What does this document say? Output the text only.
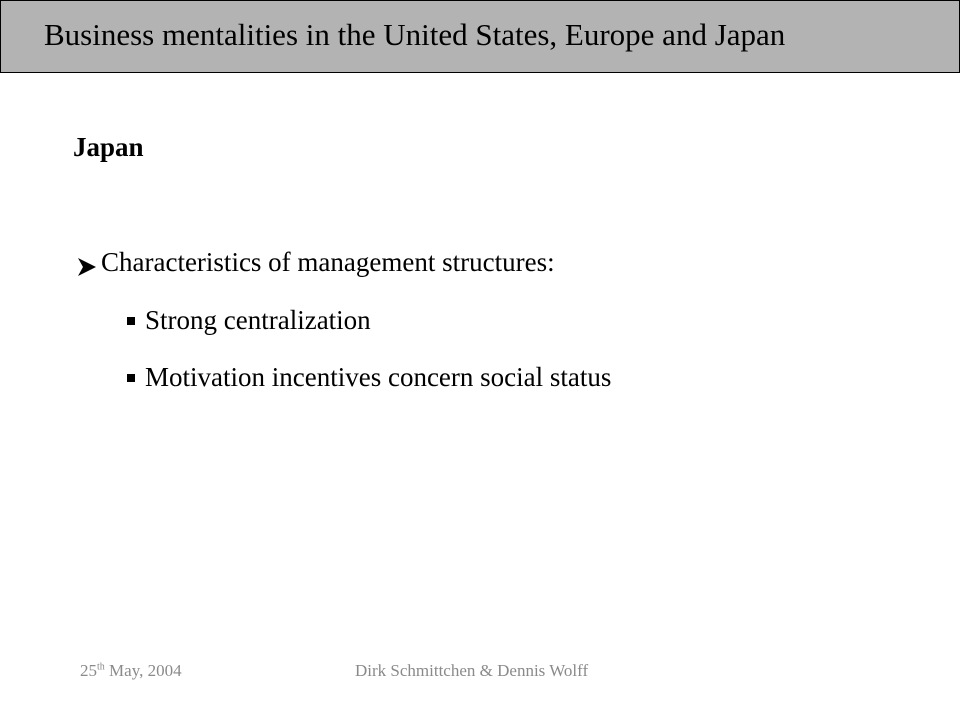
Business mentalities in the United States, Europe and Japan
Japan
Characteristics of management structures:
Strong centralization
Motivation incentives concern social status
25th May, 2004	Dirk Schmittchen & Dennis Wolff
